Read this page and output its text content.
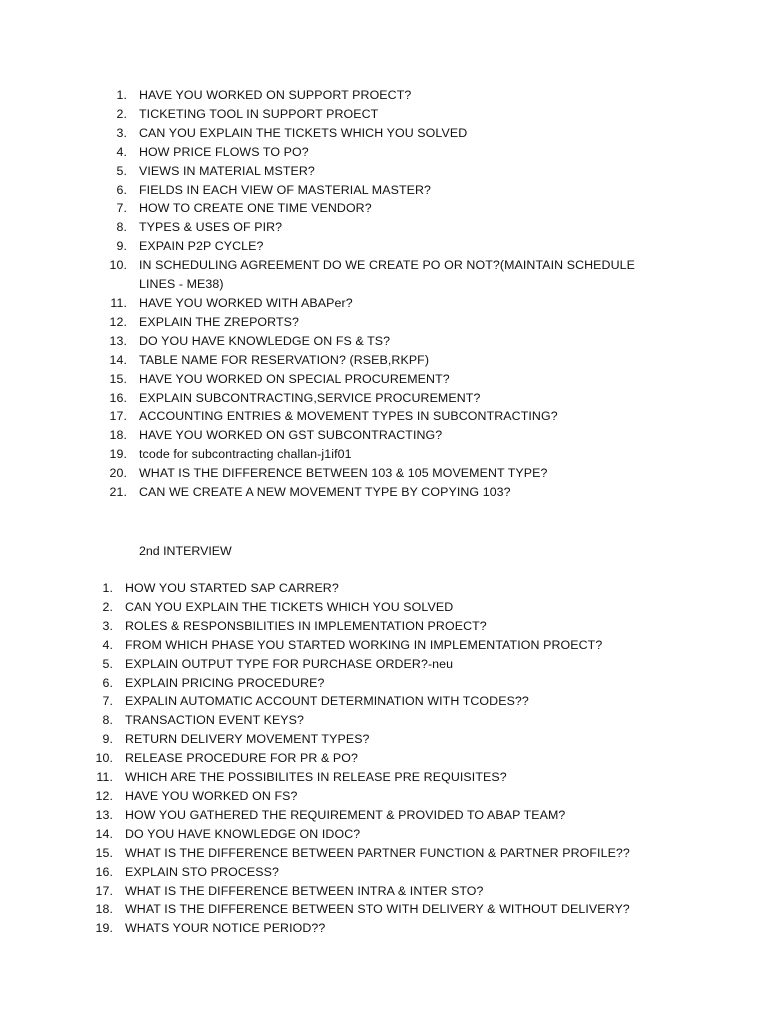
1. HAVE YOU WORKED ON SUPPORT PROECT?
2. TICKETING TOOL IN SUPPORT PROECT
3. CAN YOU EXPLAIN THE TICKETS WHICH YOU SOLVED
4. HOW PRICE FLOWS TO PO?
5. VIEWS IN MATERIAL MSTER?
6. FIELDS IN EACH VIEW OF MASTERIAL MASTER?
7. HOW TO CREATE ONE TIME VENDOR?
8. TYPES & USES OF PIR?
9. EXPAIN P2P CYCLE?
10. IN SCHEDULING AGREEMENT DO WE CREATE PO OR NOT?(MAINTAIN SCHEDULE LINES - ME38)
11. HAVE YOU WORKED WITH ABAPer?
12. EXPLAIN THE ZREPORTS?
13. DO YOU HAVE KNOWLEDGE ON FS & TS?
14. TABLE NAME FOR RESERVATION? (RSEB,RKPF)
15. HAVE YOU WORKED ON SPECIAL PROCUREMENT?
16. EXPLAIN SUBCONTRACTING,SERVICE PROCUREMENT?
17. ACCOUNTING ENTRIES & MOVEMENT TYPES IN SUBCONTRACTING?
18. HAVE YOU WORKED ON GST SUBCONTRACTING?
19. tcode for subcontracting challan-j1if01
20. WHAT IS THE DIFFERENCE BETWEEN 103 & 105 MOVEMENT TYPE?
21. CAN WE CREATE A NEW MOVEMENT TYPE BY COPYING 103?
2nd INTERVIEW
1. HOW YOU STARTED SAP CARRER?
2. CAN YOU EXPLAIN THE TICKETS WHICH YOU SOLVED
3. ROLES & RESPONSBILITIES IN IMPLEMENTATION PROECT?
4. FROM WHICH PHASE YOU STARTED WORKING IN IMPLEMENTATION PROECT?
5. EXPLAIN OUTPUT TYPE FOR PURCHASE ORDER?-neu
6. EXPLAIN PRICING PROCEDURE?
7. EXPALIN AUTOMATIC ACCOUNT DETERMINATION WITH TCODES??
8. TRANSACTION EVENT KEYS?
9. RETURN DELIVERY MOVEMENT TYPES?
10. RELEASE PROCEDURE FOR PR & PO?
11. WHICH ARE THE POSSIBILITES IN RELEASE PRE REQUISITES?
12. HAVE YOU WORKED ON FS?
13. HOW YOU GATHERED THE REQUIREMENT & PROVIDED TO ABAP TEAM?
14. DO YOU HAVE KNOWLEDGE ON IDOC?
15. WHAT IS THE DIFFERENCE BETWEEN PARTNER FUNCTION & PARTNER PROFILE??
16. EXPLAIN STO PROCESS?
17. WHAT IS THE DIFFERENCE BETWEEN INTRA & INTER STO?
18. WHAT IS THE DIFFERENCE BETWEEN STO WITH DELIVERY & WITHOUT DELIVERY?
19. WHATS YOUR NOTICE PERIOD??
